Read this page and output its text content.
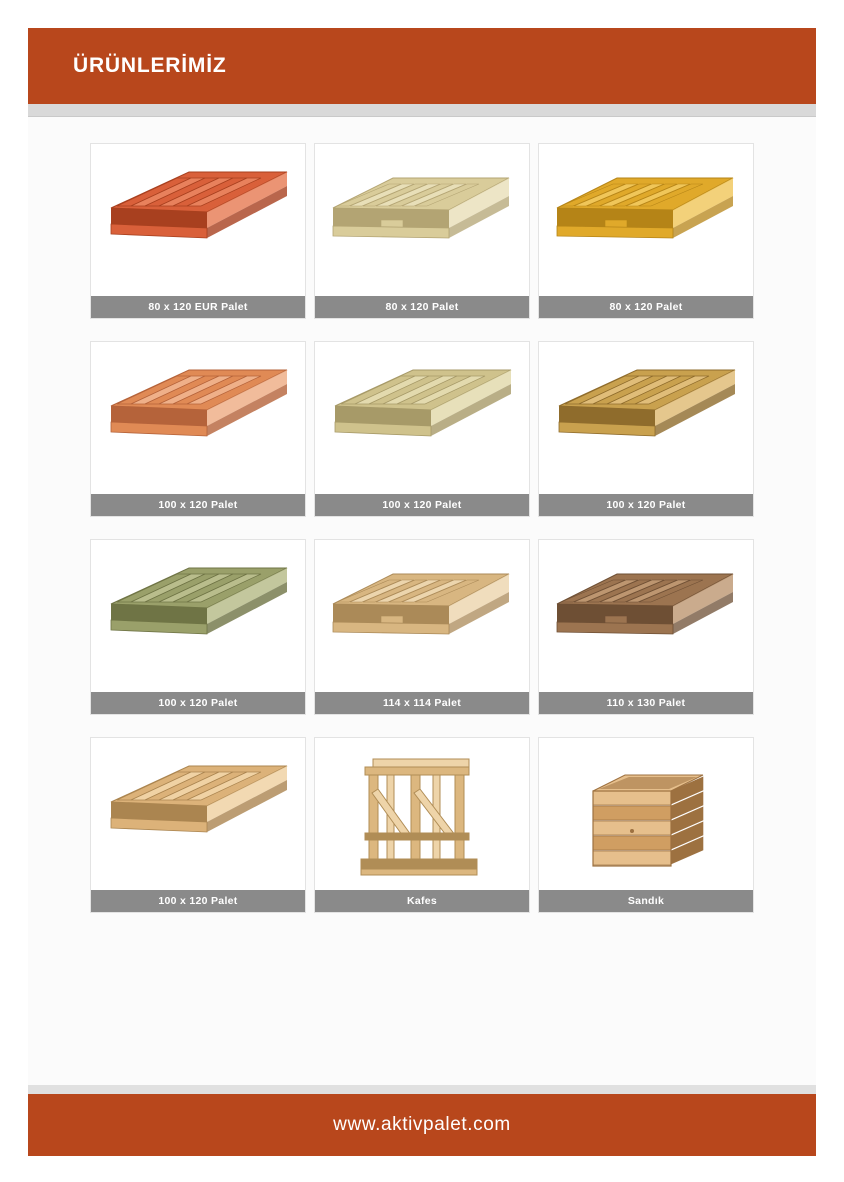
ÜRÜNLERİMİZ
80 x 120 EUR Palet	80 x 120 Palet	80 x 120 Palet
100 x 120 Palet	100 x 120 Palet	100 x 120 Palet
100 x 120 Palet	114 x 114 Palet	110 x 130 Palet
100 x 120 Palet	Kafes	Sandık
www.aktivpalet.com
